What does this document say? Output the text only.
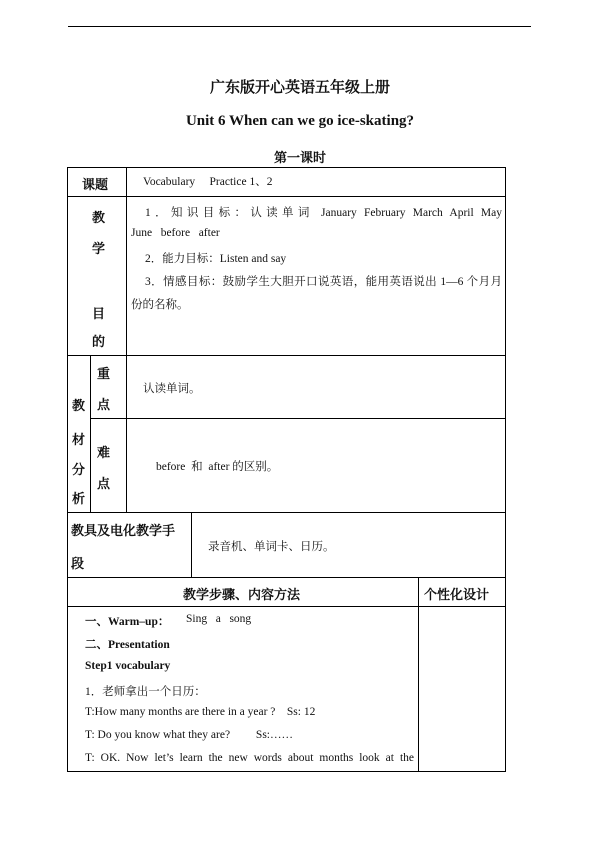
广东版开心英语五年级上册
Unit 6 When can we go ice-skating?
第一课时
课题	Vocabulary     Practice 1、2
教
学
目
的
1．知识目标：认读单词 January February March April May
June   before   after
2．能力目标：Listen and say
3．情感目标：鼓励学生大胆开口说英语，能用英语说出 1—6 个月月
份的名称。
教
材
分
析
重
点
认读单词。
难
点
before  和  after 的区别。
教具及电化教学手
段
录音机、单词卡、日历。
教学步骤、内容方法	个性化设计
一、Warm–up： Sing   a   song
二、Presentation
Step1 vocabulary
1．老师拿出一个日历：
T:How many months are there in a year ?    Ss: 12
T: Do you know what they are?         Ss:……
T: OK. Now let’s learn the new words about months look at the
